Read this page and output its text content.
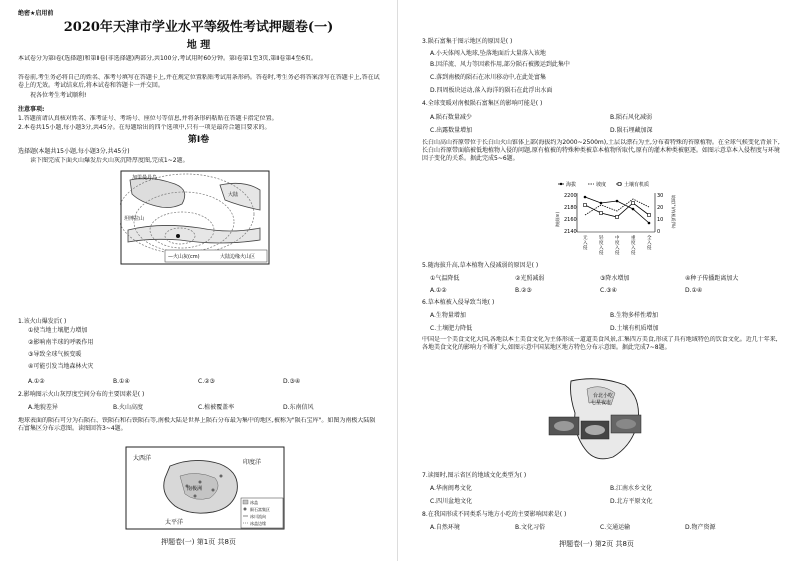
绝密★启用前
2020年天津市学业水平等级性考试押题卷(一)
地 理
本试卷分为第Ⅰ卷(选择题)和第Ⅱ卷(非选择题)两部分,共100分,考试用时60分钟。第Ⅰ卷第1至3页,第Ⅱ卷第4至6页。
答卷前,考生务必将自己的姓名、准考号填写在答题卡上,并在规定位置粘贴考试用条形码。答卷时,考生务必将答案涂写在答题卡上,答在试卷上的无效。考试结束后,将本试卷和答题卡一并交回。
祝各位考生考试顺利!
注意事项:
1.答题前请认真核对姓名、准考证号、考场号、座位号等信息,并将条形码粘贴在答题卡指定位置。
2.本卷共15小题,每小题3分,共45分。在每题给出的四个选项中,只有一项是最符合题目要求的。
第Ⅰ卷
选择题(本题共15小题,每小题3分,共45分)
读下图完成下面火山爆发后火山灰沉降厚度图,完成1~2题。
加里曼丹岛
坦博拉山
大陆
—火山灰(cm)	大陆边缘火山区
1.该火山爆发后( )
①使当地土壤肥力增加
②影响南半球的呼吸作用
③导致全球气候变暖
④可能引发当地森林火灾
A.①②	B.①④	C.②③	D.③④
2.影响图示火山灰厚度空间分布的主要因素是( )
A.地貌差异	B.火山高度	C.植被覆盖率	D.东南信风
地球表面的陨石可分为石陨石、铁陨石和石铁陨石等,南极大陆是世界上陨石分布最为集中的地区,被称为"陨石宝库"。如图为南极大陆陨石富集区分布示意图。读图回答3~4题。
大西洋
印度洋
太平洋
南极洲
冰盖
陨石富集区
冰川流向
冰盖边缘
押题卷(一) 第1页 共8页
3.陨石富集于图示地区的原因是( )
A.小天体闯入地球,坠落地面后大量落入该地
B.因洋流、风力等因素作用,部分陨石被搬运到此集中
C.落到南极的陨石在冰川移动中,在此处富集
D.四周板块运动,落入海洋的陨石在此浮出水面
4.全球变暖对南极陨石富集区的影响可能是( )
A.陨石数量减少	B.陨石风化减弱
C.出露数量增加	D.陨石埋藏加深
长白山高山苔原带位于长白山火山锥体上部(海拔约为2000~2500m),土层以漂石为主,分布着特殊的苔原植物。在全球气候变化背景下,长白山苔原带面临被低地植物入侵的问题,原有植被的特殊种类被草本植物所取代,原有的灌木种类被驱逐。如图示意草本入侵程度与环境因子变化的关系。据此完成5~6题。
海拔	坡度	土壤有机质
海拔(m)
2200
2180
2160
2140
30
20
10
0
坡度(°)/有机质(%)
无入侵
轻度入侵
中度入侵
重度入侵
全入侵
5.随海拔升高,草本植物入侵减弱的原因是( )
①气温降低	②光照减弱	③降水增加	④种子传播距离加大
A.①②	B.②③	C.③④	D.①④
6.草本植被入侵导致当地( )
A.生物量增加	B.生物多样性增加
C.土壤肥力降低	D.土壤有机质增加
中国是一个美食文化大国,各地以本土美食文化为主体形成一道道美食风景,汇集四方美食,形成了具有地域特色的饮食文化。近几十年来,各地美食文化的影响力不断扩大,如图示意中国某地区地方特色分布示意图。据此完成7~8题。
台北小吃七星夜市
7.读图时,图示省区的地域文化类型为( )
A.华南闽粤文化	B.江南水乡文化
C.四川盆地文化	D.北方平原文化
8.在我国形成不同类系与地方小吃的主要影响因素是( )
A.自然环境	B.文化习俗	C.交通运输	D.物产资源
押题卷(一) 第2页 共8页
